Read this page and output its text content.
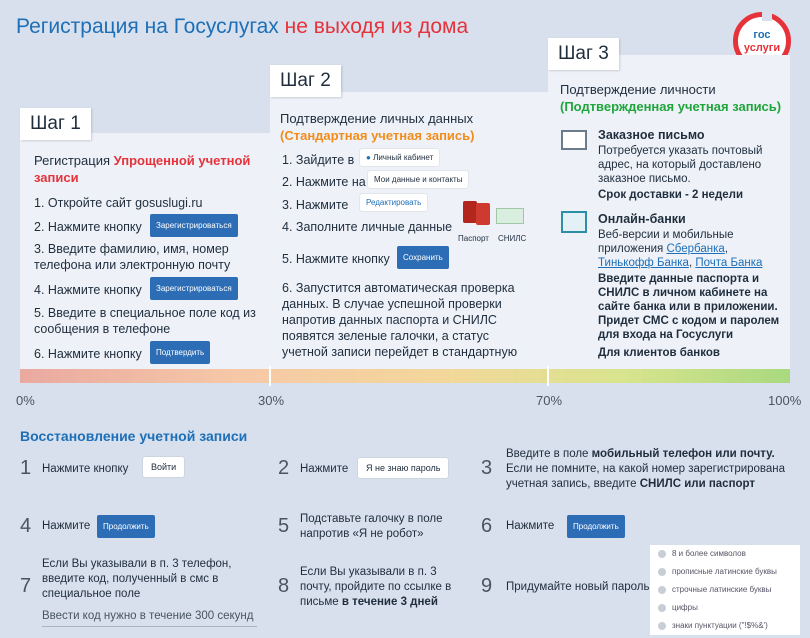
Регистрация на Госуслугах не выходя из дома	гос
услуги
Шаг 1
Регистрация Упрощенной учетной записи
1. Откройте сайт gosuslugi.ru
2. Нажмите кнопку	Зарегистрироваться
3. Введите фамилию, имя, номер телефона или электронную почту
4. Нажмите кнопку	Зарегистрироваться
5. Введите в специальное поле код из сообщения в телефоне
6. Нажмите кнопку	Подтвердить
Шаг 2
Подтверждение личных данных
(Стандартная учетная запись)
1. Зайдите в	● Личный кабинет
2. Нажмите на	Мои данные и контакты
3. Нажмите	Редактировать
4. Заполните личные данные
Паспорт СНИЛС
5. Нажмите кнопку	Сохранить
6. Запустится автоматическая проверка данных. В случае успешной проверки напротив данных паспорта и СНИЛС появятся зеленые галочки, а статус учетной записи перейдет в стандартную
Шаг 3
Подтверждение личности
(Подтвержденная учетная запись)
Заказное письмо
Потребуется указать почтовый адрес, на который доставлено заказное письмо.
Срок доставки - 2 недели
Онлайн-банки
Веб-версии и мобильные приложения Сбербанка, Тинькофф Банка, Почта Банка
Введите данные паспорта и СНИЛС в личном кабинете на сайте банка или в приложении. Придет СМС с кодом и паролем для входа на Госуслуги
Для клиентов банков
0%	30%	70%	100%
Восстановление учетной записи
1 Нажмите кнопку	Войти	2 Нажмите	Я не знаю пароль	3
Введите в поле мобильный телефон или почту. Если не помните, на какой номер зарегистрирована учетная запись, введите СНИЛС или паспорт
4 Нажмите	Продолжить	5 Подставьте галочку в поле напротив «Я не робот»	6 Нажмите	Продолжить
7
Если Вы указывали в п. 3 телефон, введите код, полученный в смс в специальное поле
Ввести код нужно в течение 300 секунд
8
Если Вы указывали в п. 3 почту, пройдите по ссылке в письме в течение 3 дней
9 Придумайте новый пароль
8 и более символов
прописные латинские буквы
строчные латинские буквы
цифры
знаки пунктуации ("!$%&')
